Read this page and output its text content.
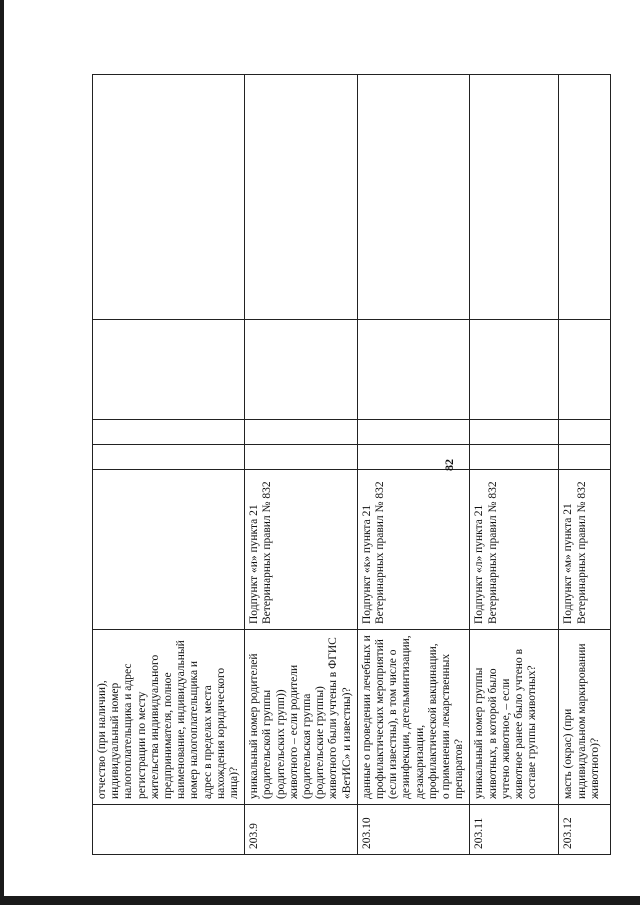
	отчество (при наличии), индивидуальный номер налогоплательщика и адрес регистрации по месту жительства индивидуального предпринимателя, полное наименование, индивидуальный номер налогоплательщика и адрес в пределах места нахождения юридического лица)?					
203.9	уникальный номер родителей (родительской группы (родительских групп)) животного – если родители (родительская группа (родительские группы) животного были учтены в ФГИС «ВетИС» и известны)?	Подпункт «и» пункта 21 Ветеринарных правил № 832				
203.10	данные о проведении лечебных и профилактических мероприятий (если известны), в том числе о дезинфекции, дегельминтизации, дезакаризации, профилактической вакцинации, о применении лекарственных препаратов?	Подпункт «к» пункта 21 Ветеринарных правил № 832				
203.11	уникальный номер группы животных, в которой было учтено животное, – если животное ранее было учтено в составе группы животных?	Подпункт «л» пункта 21 Ветеринарных правил № 832				
203.12	масть (окрас) (при индивидуальном маркировании животного)?	Подпункт «м» пункта 21 Ветеринарных правил № 832				
82
